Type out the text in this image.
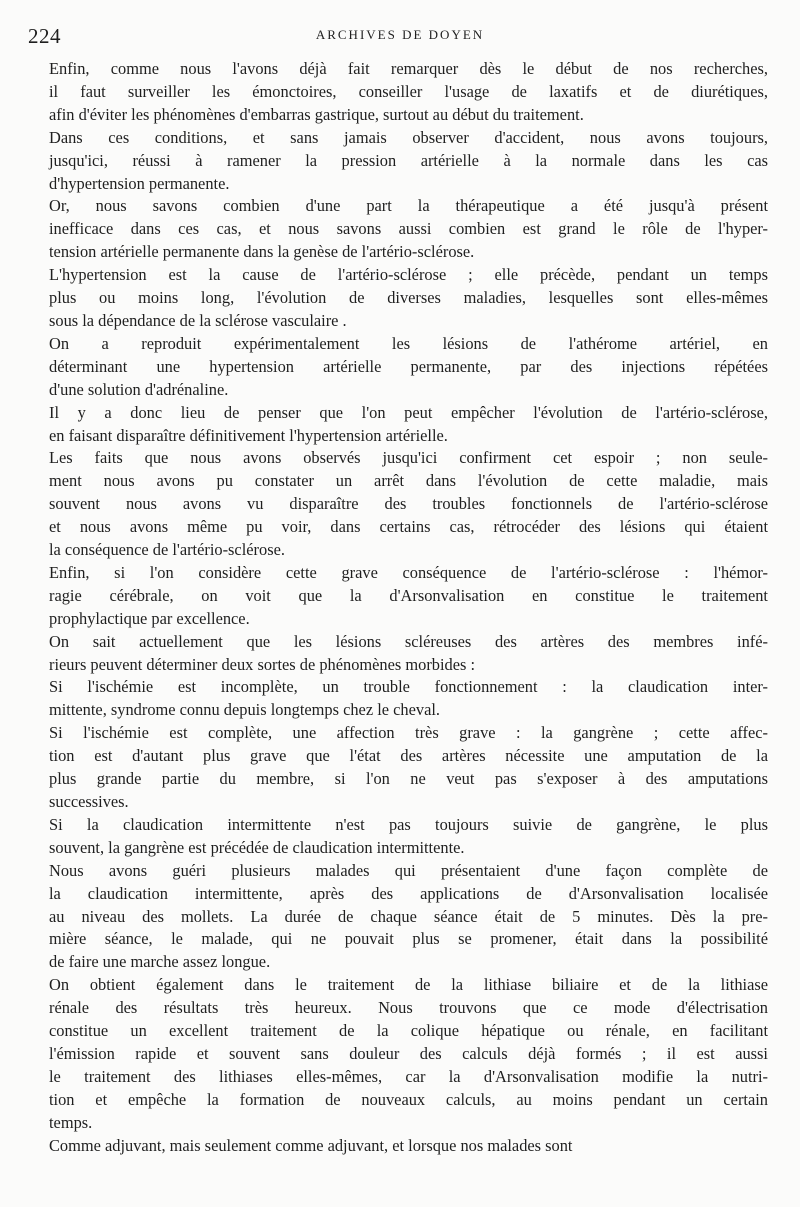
224	ARCHIVES DE DOYEN

Enfin, comme nous l'avons déjà fait remarquer dès le début de nos recherches,
il faut surveiller les émonctoires, conseiller l'usage de laxatifs et de diurétiques,
afin d'éviter les phénomènes d'embarras gastrique, surtout au début du traitement.

Dans ces conditions, et sans jamais observer d'accident, nous avons toujours,
jusqu'ici, réussi à ramener la pression artérielle à la normale dans les cas
d'hypertension permanente.

Or, nous savons combien d'une part la thérapeutique a été jusqu'à présent
inefficace dans ces cas, et nous savons aussi combien est grand le rôle de l'hyper-
tension artérielle permanente dans la genèse de l'artério-sclérose.

L'hypertension est la cause de l'artério-sclérose ; elle précède, pendant un temps
plus ou moins long, l'évolution de diverses maladies, lesquelles sont elles-mêmes
sous la dépendance de la sclérose vasculaire .

On a reproduit expérimentalement les lésions de l'athérome artériel, en
déterminant une hypertension artérielle permanente, par des injections répétées
d'une solution d'adrénaline.

Il y a donc lieu de penser que l'on peut empêcher l'évolution de l'artério-sclérose,
en faisant disparaître définitivement l'hypertension artérielle.

Les faits que nous avons observés jusqu'ici confirment cet espoir ; non seule-
ment nous avons pu constater un arrêt dans l'évolution de cette maladie, mais
souvent nous avons vu disparaître des troubles fonctionnels de l'artério-sclérose
et nous avons même pu voir, dans certains cas, rétrocéder des lésions qui étaient
la conséquence de l'artério-sclérose.

Enfin, si l'on considère cette grave conséquence de l'artério-sclérose : l'hémor-
ragie cérébrale, on voit que la d'Arsonvalisation en constitue le traitement
prophylactique par excellence.

On sait actuellement que les lésions scléreuses des artères des membres infé-
rieurs peuvent déterminer deux sortes de phénomènes morbides :

Si l'ischémie est incomplète, un trouble fonctionnement : la claudication inter-
mittente, syndrome connu depuis longtemps chez le cheval.

Si l'ischémie est complète, une affection très grave : la gangrène ; cette affec-
tion est d'autant plus grave que l'état des artères nécessite une amputation de la
plus grande partie du membre, si l'on ne veut pas s'exposer à des amputations
successives.

Si la claudication intermittente n'est pas toujours suivie de gangrène, le plus
souvent, la gangrène est précédée de claudication intermittente.

Nous avons guéri plusieurs malades qui présentaient d'une façon complète de
la claudication intermittente, après des applications de d'Arsonvalisation localisée
au niveau des mollets. La durée de chaque séance était de 5 minutes. Dès la pre-
mière séance, le malade, qui ne pouvait plus se promener, était dans la possibilité
de faire une marche assez longue.

On obtient également dans le traitement de la lithiase biliaire et de la lithiase
rénale des résultats très heureux. Nous trouvons que ce mode d'électrisation
constitue un excellent traitement de la colique hépatique ou rénale, en facilitant
l'émission rapide et souvent sans douleur des calculs déjà formés ; il est aussi
le traitement des lithiases elles-mêmes, car la d'Arsonvalisation modifie la nutri-
tion et empêche la formation de nouveaux calculs, au moins pendant un certain
temps.

Comme adjuvant, mais seulement comme adjuvant, et lorsque nos malades sont
